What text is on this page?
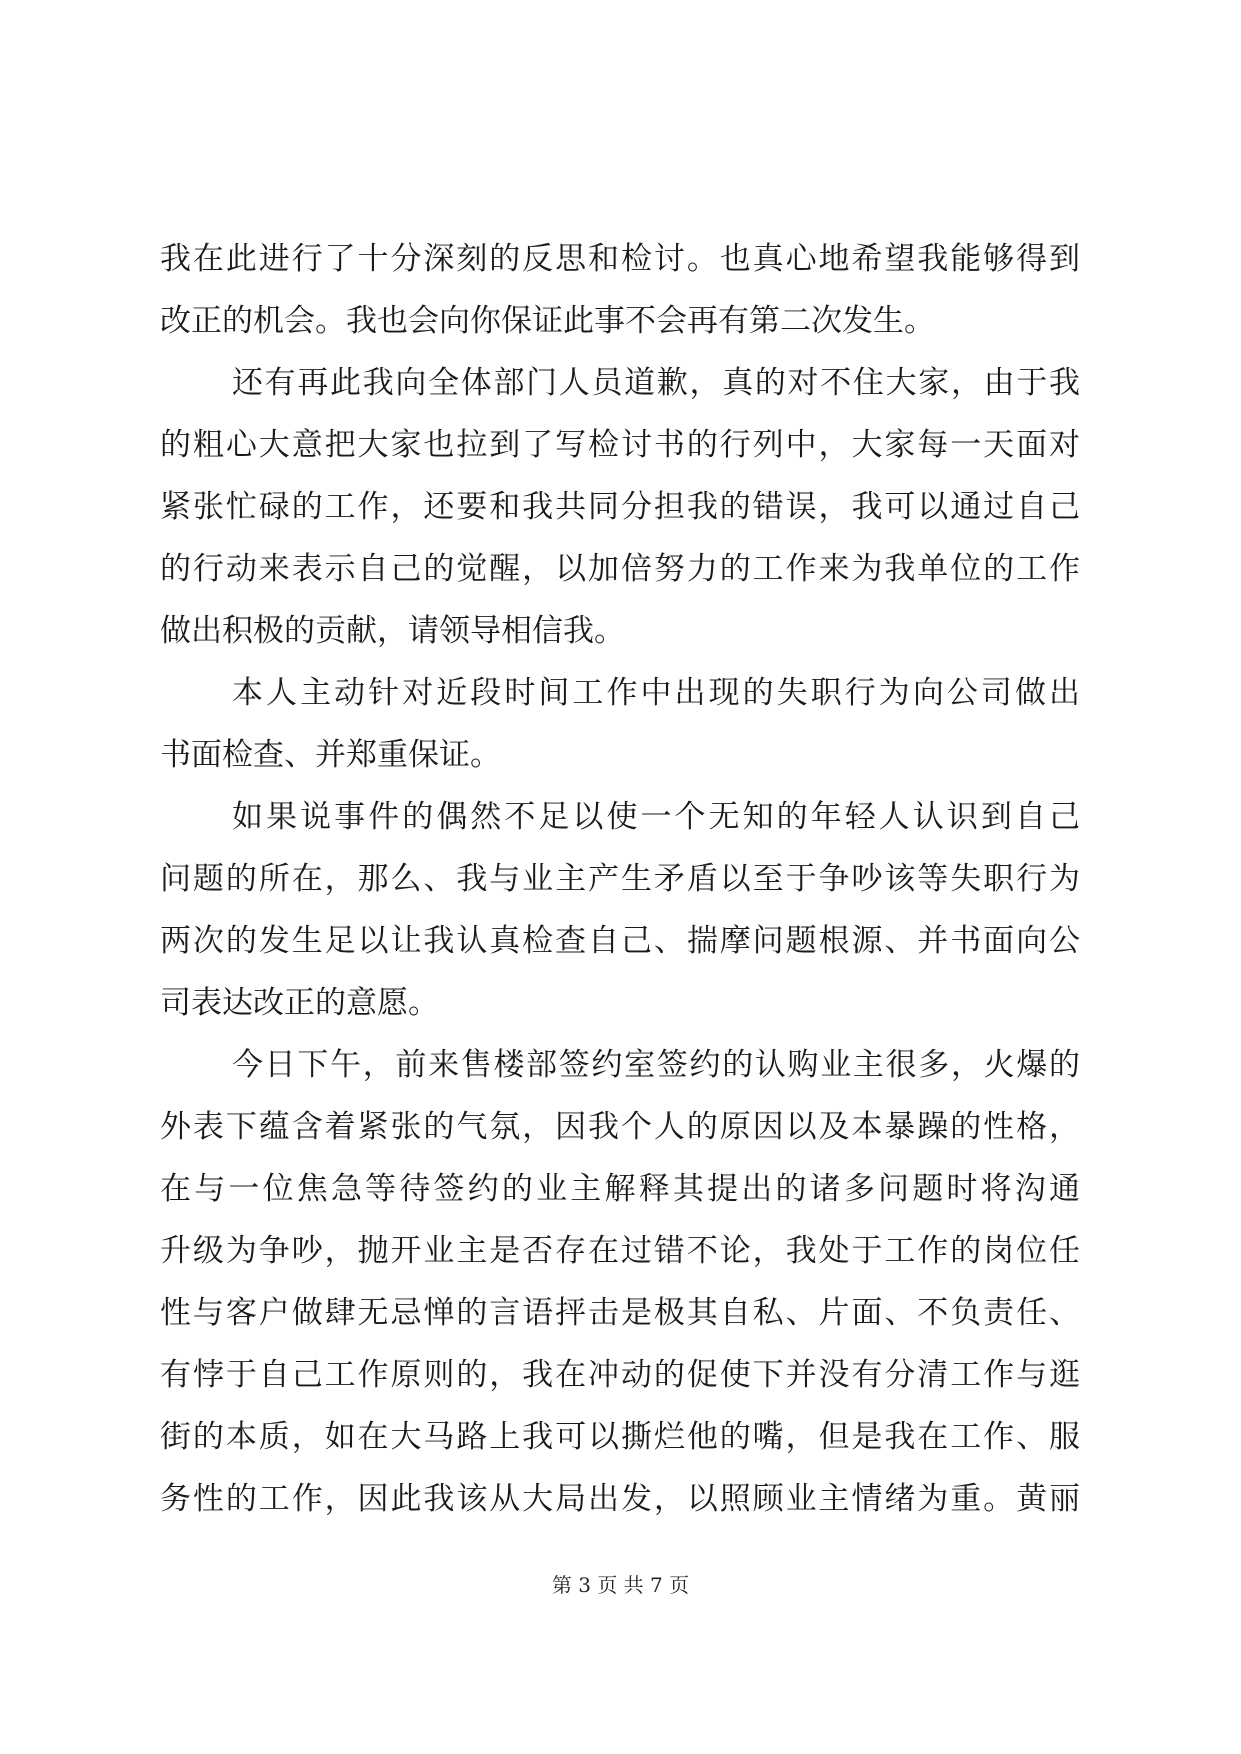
我在此进行了十分深刻的反思和检讨。也真心地希望我能够得到
改正的机会。我也会向你保证此事不会再有第二次发生。
还有再此我向全体部门人员道歉，真的对不住大家，由于我
的粗心大意把大家也拉到了写检讨书的行列中，大家每一天面对
紧张忙碌的工作，还要和我共同分担我的错误，我可以通过自己
的行动来表示自己的觉醒，以加倍努力的工作来为我单位的工作
做出积极的贡献，请领导相信我。
本人主动针对近段时间工作中出现的失职行为向公司做出
书面检查、并郑重保证。
如果说事件的偶然不足以使一个无知的年轻人认识到自己
问题的所在，那么、我与业主产生矛盾以至于争吵该等失职行为
两次的发生足以让我认真检查自己、揣摩问题根源、并书面向公
司表达改正的意愿。
今日下午，前来售楼部签约室签约的认购业主很多，火爆的
外表下蕴含着紧张的气氛，因我个人的原因以及本暴躁的性格，
在与一位焦急等待签约的业主解释其提出的诸多问题时将沟通
升级为争吵，抛开业主是否存在过错不论，我处于工作的岗位任
性与客户做肆无忌惮的言语抨击是极其自私、片面、不负责任、
有悖于自己工作原则的，我在冲动的促使下并没有分清工作与逛
街的本质，如在大马路上我可以撕烂他的嘴，但是我在工作、服
务性的工作，因此我该从大局出发，以照顾业主情绪为重。黄丽
第 3 页 共 7 页
